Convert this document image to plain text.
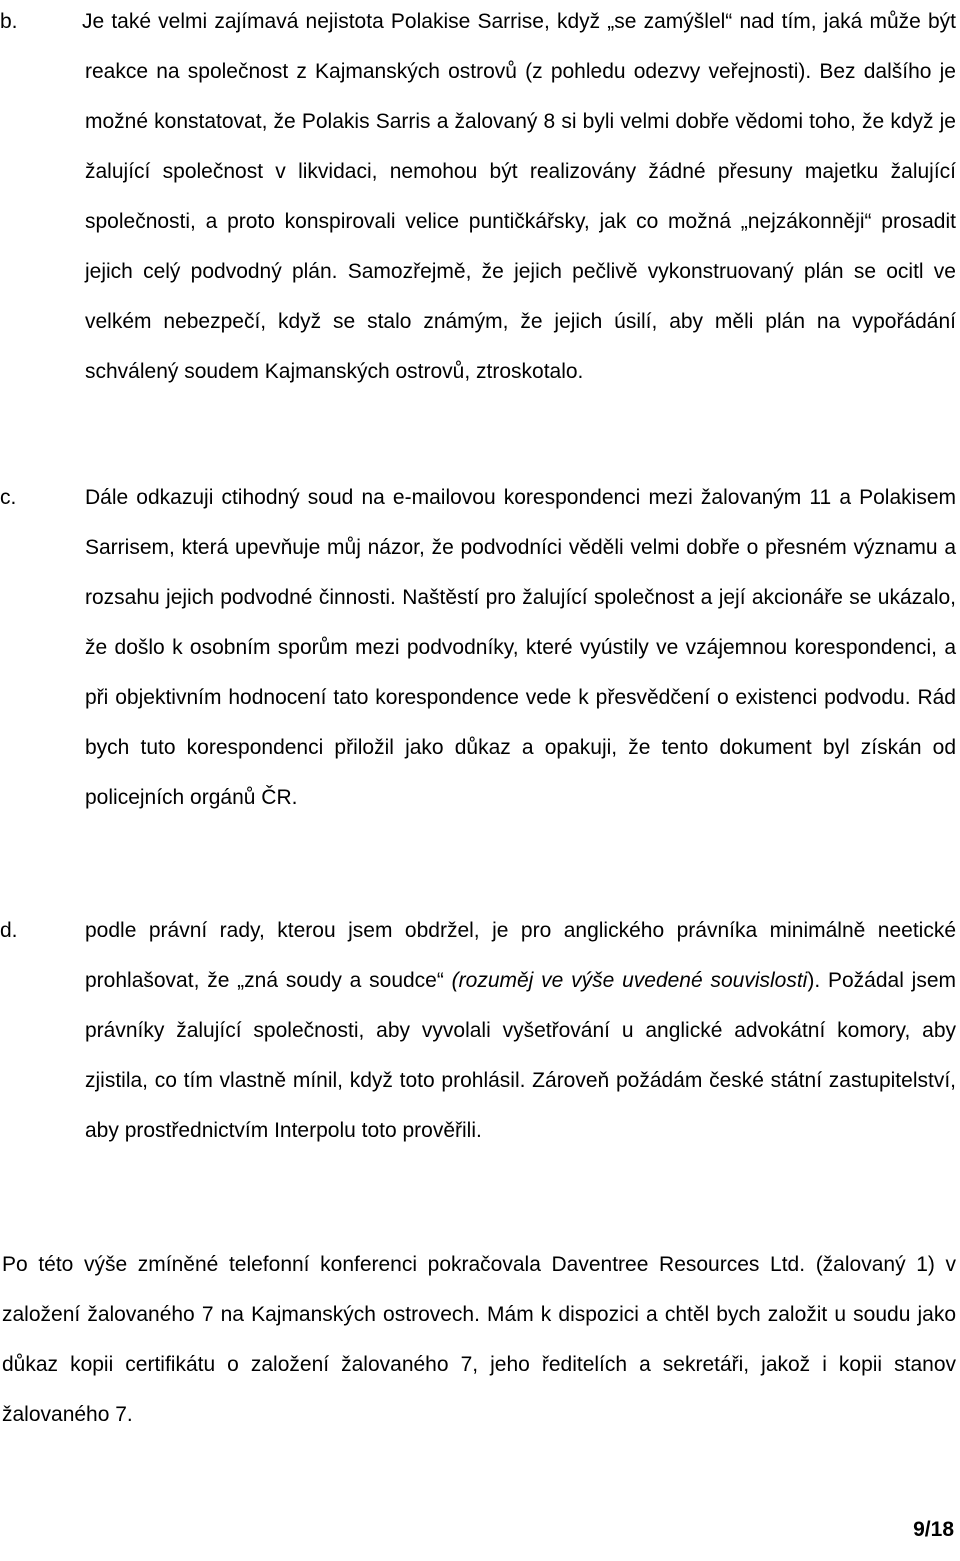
b.	Je také velmi zajímavá nejistota Polakise Sarrise, když „se zamýšlel“ nad tím, jaká může být reakce na společnost z Kajmanských ostrovů (z pohledu odezvy veřejnosti). Bez dalšího je možné konstatovat, že Polakis Sarris a žalovaný 8 si byli velmi dobře vědomi toho, že když je žalující společnost v likvidaci, nemohou být realizovány žádné přesuny majetku žalující společnosti, a proto konspirovali velice puntičkářsky, jak co možná „nejzákonněji“ prosadit jejich celý podvodný plán. Samozřejmě, že jejich pečlivě vykonstruovaný plán se ocitl ve velkém nebezpečí, když se stalo známým, že jejich úsilí, aby měli plán na vypořádání schválený soudem Kajmanských ostrovů, ztroskotalo.
c.	Dále odkazuji ctihodný soud na e-mailovou korespondenci mezi žalovaným 11 a Polakisem Sarrisem, která upevňuje můj názor, že podvodníci věděli velmi dobře o přesném významu a rozsahu jejich podvodné činnosti. Naštěstí pro žalující společnost a její akcionáře se ukázalo, že došlo k osobním sporům mezi podvodníky, které vyústily ve vzájemnou korespondenci, a při objektivním hodnocení tato korespondence vede k přesvědčení o existenci podvodu. Rád bych tuto korespondenci přiložil jako důkaz a opakuji, že tento dokument byl získán od policejních orgánů ČR.
d.	podle právní rady, kterou jsem obdržel, je pro anglického právníka minimálně neetické prohlašovat, že „zná soudy a soudce“ (rozuměj ve výše uvedené souvislosti). Požádal jsem právníky žalující společnosti, aby vyvolali vyšetřování u anglické advokátní komory, aby zjistila, co tím vlastně mínil, když toto prohlásil. Zároveň požádám české státní zastupitelství, aby prostřednictvím Interpolu toto prověřili.
Po této výše zmíněné telefonní konferenci pokračovala Daventree Resources Ltd. (žalovaný 1) v založení žalovaného 7 na Kajmanských ostrovech. Mám k dispozici a chtěl bych založit u soudu jako důkaz kopii certifikátu o založení žalovaného 7, jeho ředitelích a sekretáři, jakož i kopii stanov žalovaného 7.
9/18
